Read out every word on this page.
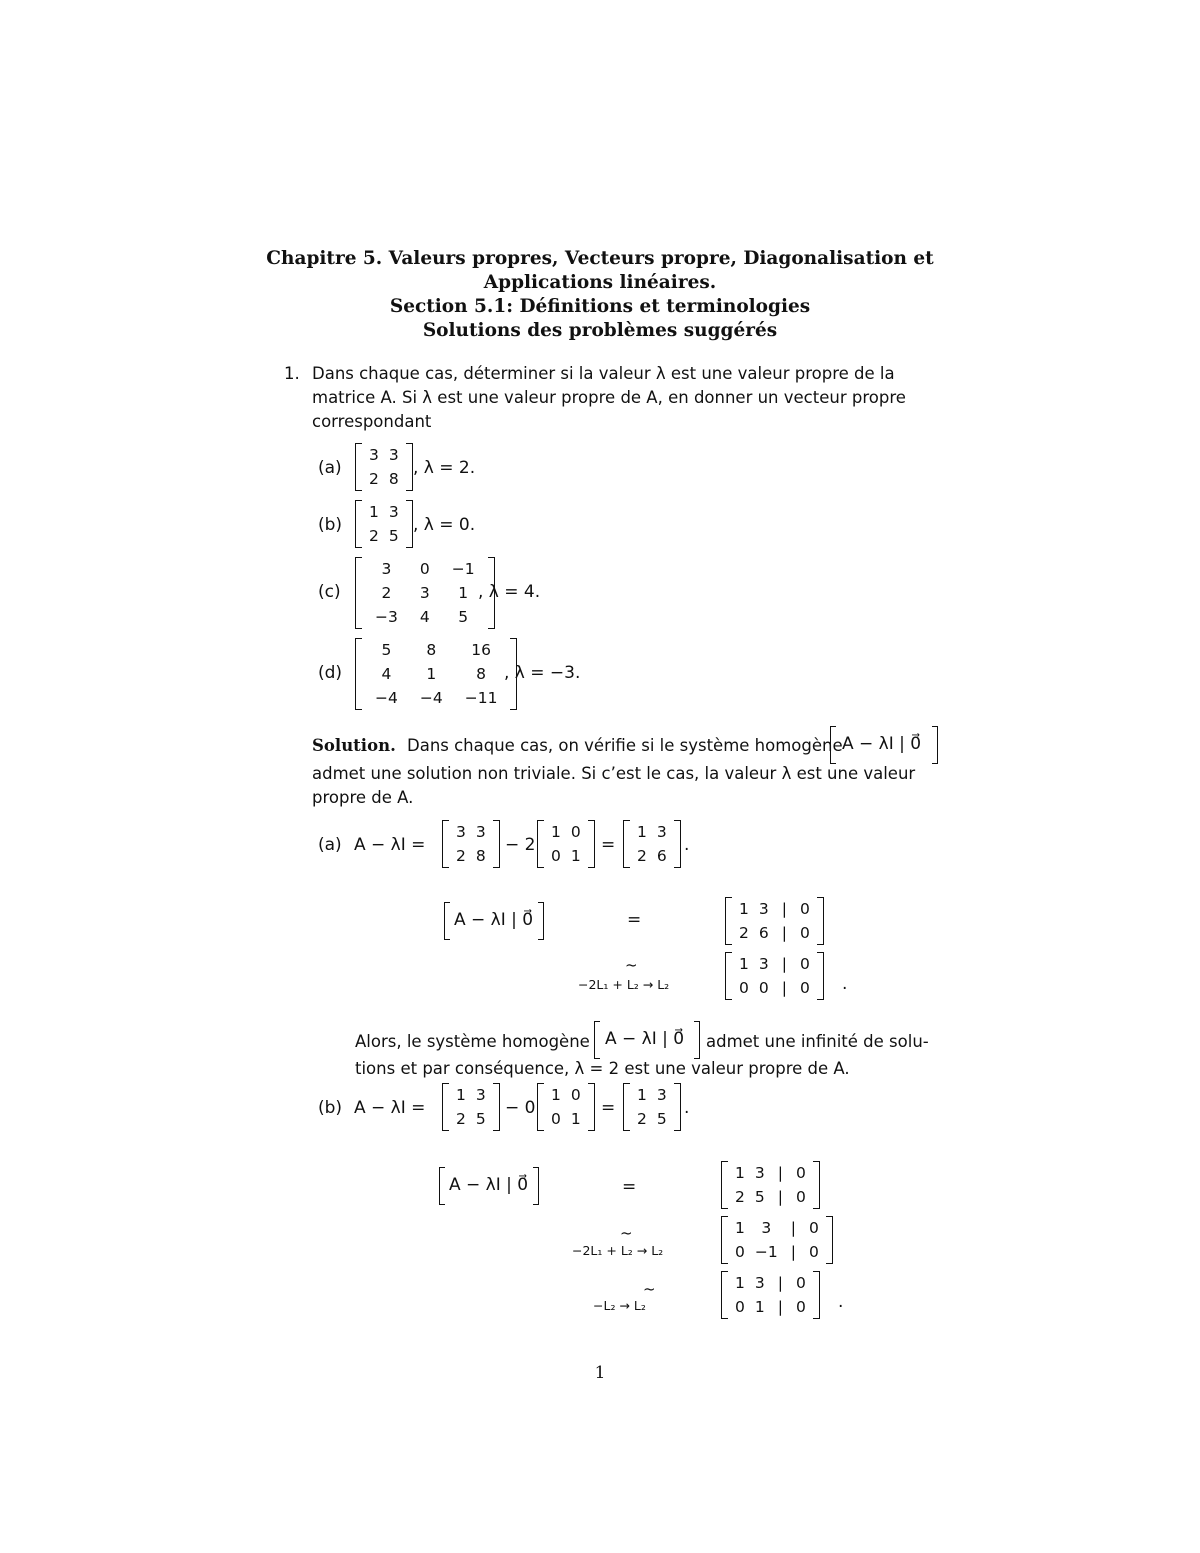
Chapitre 5. Valeurs propres, Vecteurs propre, Diagonalisation et
Applications linéaires.
Section 5.1: Définitions et terminologies
Solutions des problèmes suggérés
1. Dans chaque cas, déterminer si la valeur λ est une valeur propre de la
matrice A. Si λ est une valeur propre de A, en donner un vecteur propre
correspondant
(a)
3	3
2	8
, λ = 2.
(b)
1	3
2	5
, λ = 0.
(c)
3	0	−1
2	3	1
−3	4	5
, λ = 4.
(d)
5	8	16
4	1	8
−4	−4	−11
, λ = −3.
Solution. Dans chaque cas, on vérifie si le système homogène A − λI | 0⃗
admet une solution non triviale. Si c’est le cas, la valeur λ est une valeur
propre de A.
(a) A − λI =
3	3
2	8
− 2
1	0
0	1
=
1	3
2	6
.
A − λI | 0⃗	=
1	3	|	0
2	6	|	0
~
−2L₁ + L₂ → L₂
1	3	|	0
0	0	|	0 .
Alors, le système homogène A − λI | 0⃗ admet une infinité de solu-
tions et par conséquence, λ = 2 est une valeur propre de A.
(b) A − λI =
1	3
2	5
− 0
1	0
0	1
=
1	3
2	5
.
A − λI | 0⃗	=
1	3	|	0
2	5	|	0
~
−2L₁ + L₂ → L₂
1	3	|	0
0	−1	|	0
~
−L₂ → L₂
1	3	|	0
0	1	|	0 .
1
